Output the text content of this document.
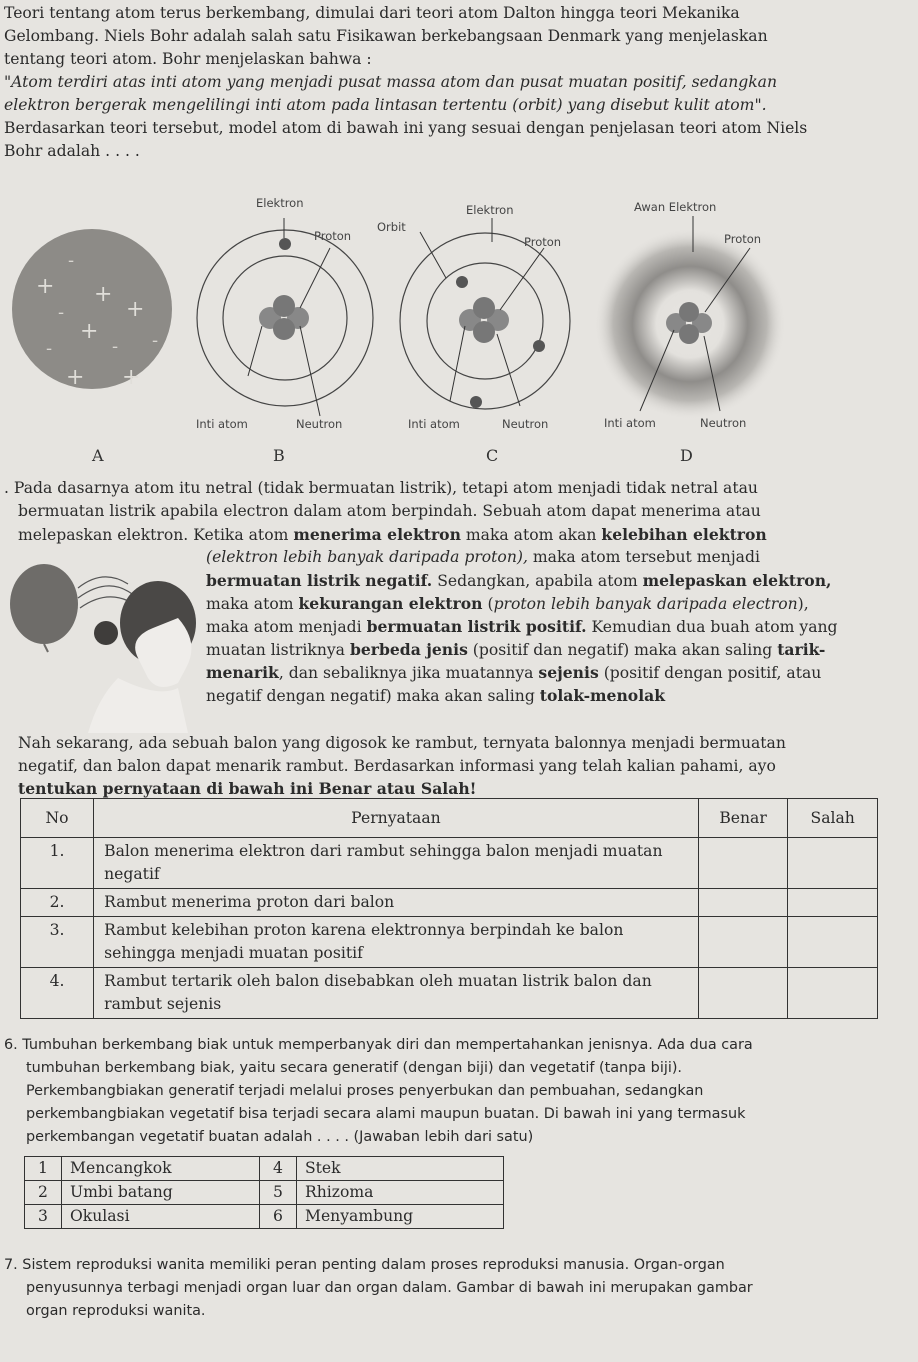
Teori tentang atom terus berkembang, dimulai dari teori atom Dalton hingga teori Mekanika
Gelombang. Niels Bohr adalah salah satu Fisikawan berkebangsaan Denmark yang menjelaskan
tentang teori atom. Bohr menjelaskan bahwa :
"Atom terdiri atas inti atom yang menjadi pusat massa atom dan pusat muatan positif, sedangkan
elektron bergerak mengelilingi inti atom pada lintasan tertentu (orbit) yang disebut kulit atom".
Berdasarkan teori tersebut, model atom di bawah ini yang sesuai dengan penjelasan teori atom Niels
Bohr adalah . . . .
+ +
+
+
+ +
-
-
-
-	-
Elektron
Proton
Inti atom	Neutron
Orbit
Elektron
Proton
Inti atom	Neutron
Awan Elektron
Proton
Inti atom	Neutron
A	B	C	D
. Pada dasarnya atom itu netral (tidak bermuatan listrik), tetapi atom menjadi tidak netral atau
bermuatan listrik apabila electron dalam atom berpindah. Sebuah atom dapat menerima atau
melepaskan elektron. Ketika atom menerima elektron maka atom akan kelebihan elektron
(elektron lebih banyak daripada proton), maka atom tersebut menjadi
bermuatan listrik negatif. Sedangkan, apabila atom melepaskan elektron,
maka atom kekurangan elektron (proton lebih banyak daripada electron),
maka atom menjadi bermuatan listrik positif. Kemudian dua buah atom yang
muatan listriknya berbeda jenis (positif dan negatif) maka akan saling tarik-
menarik, dan sebaliknya jika muatannya sejenis (positif dengan positif, atau
negatif dengan negatif) maka akan saling tolak-menolak
Nah sekarang, ada sebuah balon yang digosok ke rambut, ternyata balonnya menjadi bermuatan
negatif, dan balon dapat menarik rambut. Berdasarkan informasi yang telah kalian pahami, ayo
tentukan pernyataan di bawah ini Benar atau Salah!
No	Pernyataan	Benar	Salah
1.	Balon menerima elektron dari rambut sehingga balon menjadi muatan negatif		
2.	Rambut menerima proton dari balon		
3.	Rambut kelebihan proton karena elektronnya berpindah ke balon sehingga menjadi muatan positif		
4.	Rambut tertarik oleh balon disebabkan oleh muatan listrik balon dan rambut sejenis		
6. Tumbuhan berkembang biak untuk memperbanyak diri dan mempertahankan jenisnya. Ada dua cara
tumbuhan berkembang biak, yaitu secara generatif (dengan biji) dan vegetatif (tanpa biji).
Perkembangbiakan generatif terjadi melalui proses penyerbukan dan pembuahan, sedangkan
perkembangbiakan vegetatif bisa terjadi secara alami maupun buatan. Di bawah ini yang termasuk
perkembangan vegetatif buatan adalah . . . . (Jawaban lebih dari satu)
1	Mencangkok	4	Stek
2	Umbi batang	5	Rhizoma
3	Okulasi	6	Menyambung
7. Sistem reproduksi wanita memiliki peran penting dalam proses reproduksi manusia. Organ-organ
penyusunnya terbagi menjadi organ luar dan organ dalam. Gambar di bawah ini merupakan gambar
organ reproduksi wanita.
